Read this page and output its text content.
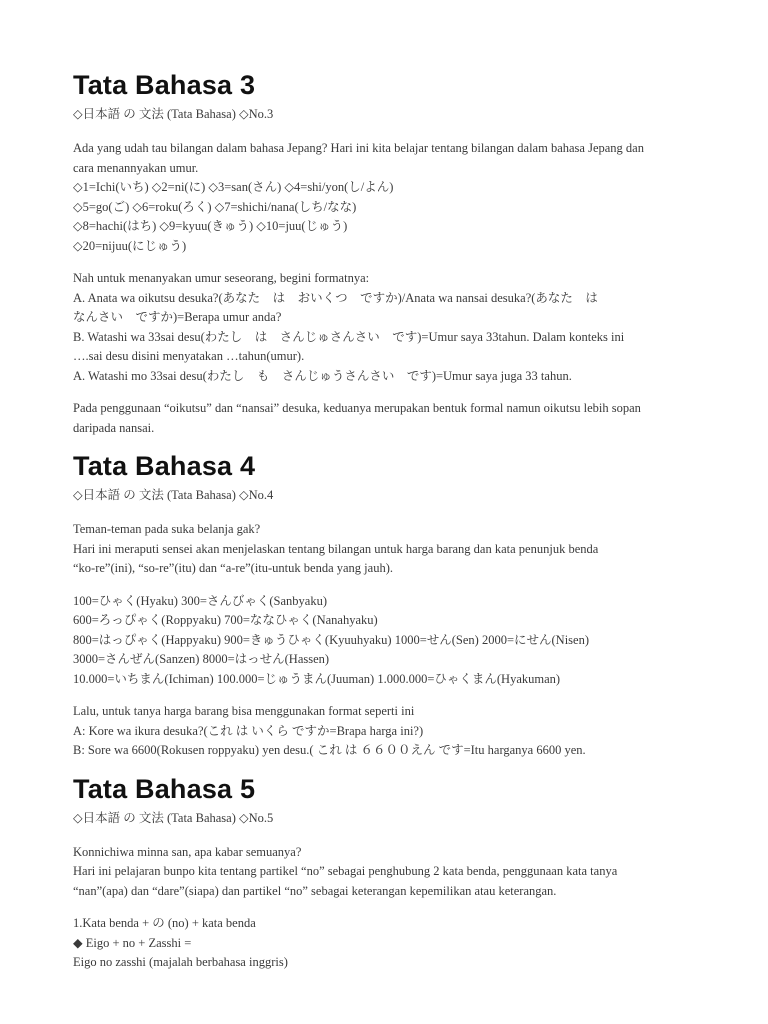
Tata Bahasa 3
◇日本語 の 文法 (Tata Bahasa) ◇No.3
Ada yang udah tau bilangan dalam bahasa Jepang? Hari ini kita belajar tentang bilangan dalam bahasa Jepang dan
cara menannyakan umur.
◇1=Ichi(いち) ◇2=ni(に) ◇3=san(さん) ◇4=shi/yon(し/よん)
◇5=go(ご) ◇6=roku(ろく) ◇7=shichi/nana(しち/なな)
◇8=hachi(はち) ◇9=kyuu(きゅう) ◇10=juu(じゅう)
◇20=nijuu(にじゅう)
Nah untuk menanyakan umur seseorang, begini formatnya:
A. Anata wa oikutsu desuka?(あなた　は　おいくつ　ですか)/Anata wa nansai desuka?(あなた　は
なんさい　ですか)=Berapa umur anda?
B. Watashi wa 33sai desu(わたし　は　さんじゅさんさい　です)=Umur saya 33tahun. Dalam konteks ini
….sai desu disini menyatakan …tahun(umur).
A. Watashi mo 33sai desu(わたし　も　さんじゅうさんさい　です)=Umur saya juga 33 tahun.
Pada penggunaan “oikutsu” dan “nansai” desuka, keduanya merupakan bentuk formal namun oikutsu lebih sopan
daripada nansai.
Tata Bahasa 4
◇日本語 の 文法 (Tata Bahasa) ◇No.4
Teman-teman pada suka belanja gak?
Hari ini meraputi sensei akan menjelaskan tentang bilangan untuk harga barang dan kata penunjuk benda
“ko-re”(ini), “so-re”(itu) dan “a-re”(itu-untuk benda yang jauh).
100=ひゃく(Hyaku) 300=さんびゃく(Sanbyaku)
600=ろっぴゃく(Roppyaku) 700=ななひゃく(Nanahyaku)
800=はっぴゃく(Happyaku) 900=きゅうひゃく(Kyuuhyaku) 1000=せん(Sen) 2000=にせん(Nisen)
3000=さんぜん(Sanzen) 8000=はっせん(Hassen)
10.000=いちまん(Ichiman) 100.000=じゅうまん(Juuman) 1.000.000=ひゃくまん(Hyakuman)
Lalu, untuk tanya harga barang bisa menggunakan format seperti ini
A: Kore wa ikura desuka?(これ は いくら ですか=Brapa harga ini?)
B: Sore wa 6600(Rokusen roppyaku) yen desu.( これ は ６６００えん です=Itu harganya 6600 yen.
Tata Bahasa 5
◇日本語 の 文法 (Tata Bahasa) ◇No.5
Konnichiwa minna san, apa kabar semuanya?
Hari ini pelajaran bunpo kita tentang partikel “no” sebagai penghubung 2 kata benda, penggunaan kata tanya
“nan”(apa) dan “dare”(siapa) dan partikel “no” sebagai keterangan kepemilikan atau keterangan.
1.Kata benda + の (no) + kata benda
◆ Eigo + no + Zasshi =
Eigo no zasshi (majalah berbahasa inggris)
